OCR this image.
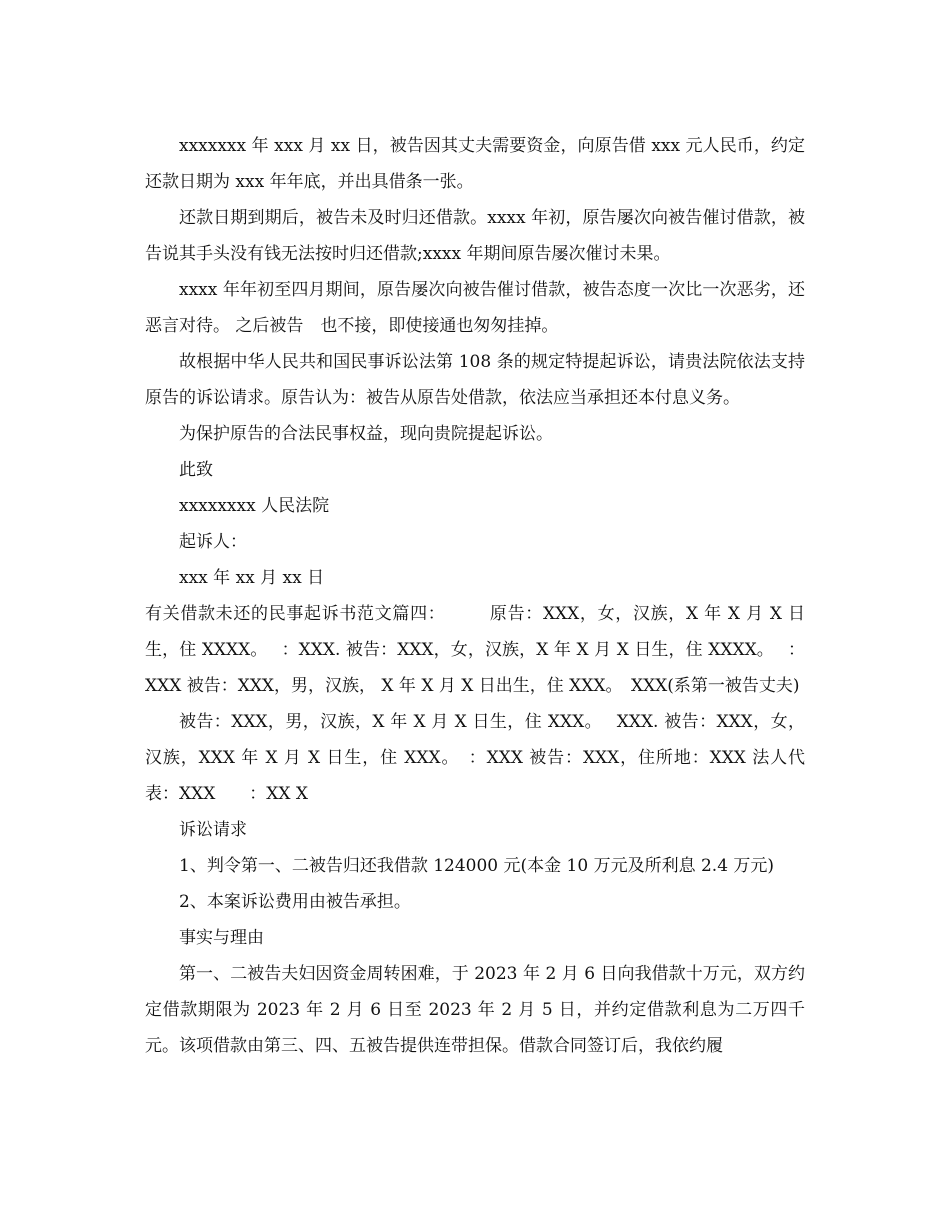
xxxxxxx 年 xxx 月 xx 日，被告因其丈夫需要资金，向原告借 xxx 元人民币，约定还款日期为 xxx 年年底，并出具借条一张。

还款日期到期后，被告未及时归还借款。xxxx 年初，原告屡次向被告催讨借款，被告说其手头没有钱无法按时归还借款;xxxx 年期间原告屡次催讨未果。

xxxx 年年初至四月期间，原告屡次向被告催讨借款，被告态度一次比一次恶劣，还恶言对待。 之后被告　也不接，即使接通也匆匆挂掉。

故根据中华人民共和国民事诉讼法第 108 条的规定特提起诉讼，请贵法院依法支持原告的诉讼请求。原告认为：被告从原告处借款，依法应当承担还本付息义务。

为保护原告的合法民事权益，现向贵院提起诉讼。

此致

xxxxxxxx 人民法院

起诉人：

xxx 年 xx 月 xx 日

有关借款未还的民事起诉书范文篇四：　　　原告：XXX，女，汉族，X 年 X 月 X 日生，住 XXXX。　 ：XXX. 被告：XXX，女，汉族，X 年 X 月 X 日生，住 XXXX。　 ：XXX 被告：XXX，男，汉族， X 年 X 月 X 日出生，住 XXX。　XXX(系第一被告丈夫)

被告：XXX，男，汉族，X 年 X 月 X 日生，住 XXX。　 XXX. 被告：XXX，女，汉族，XXX 年 X 月 X 日生，住 XXX。　：XXX 被告：XXX，住所地：XXX 法人代表：XXX　　：XX X

诉讼请求

1、判令第一、二被告归还我借款 124000 元(本金 10 万元及所利息 2.4 万元)

2、本案诉讼费用由被告承担。

事实与理由

第一、二被告夫妇因资金周转困难，于 2023 年 2 月 6 日向我借款十万元，双方约定借款期限为 2023 年 2 月 6 日至 2023 年 2 月 5 日，并约定借款利息为二万四千元。该项借款由第三、四、五被告提供连带担保。借款合同签订后，我依约履
